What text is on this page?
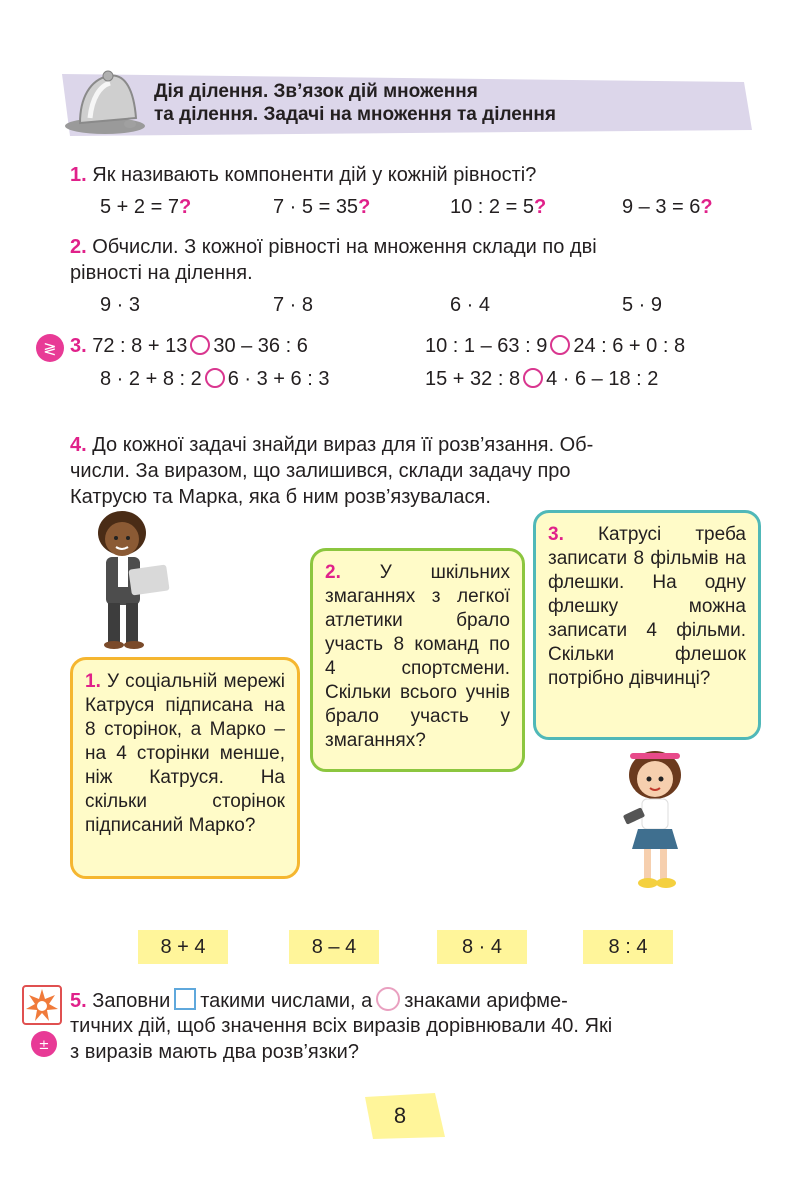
Дія ділення. Зв’язок дій множення
та ділення. Задачі на множення та ділення
1. Як називають компоненти дій у кожній рівності?
5 + 2 = 7?	7 · 5 = 35?	10 : 2 = 5?	9 – 3 = 6?
2. Обчисли. З кожної рівності на множення склади по дві
рівності на ділення.
9 · 3	7 · 8	6 · 4	5 · 9
≷ 3. 72 : 8 + 13 30 – 36 : 6	10 : 1 – 63 : 9 24 : 6 + 0 : 8
8 · 2 + 8 : 2 6 · 3 + 6 : 3	15 + 32 : 8 4 · 6 – 18 : 2
4. До кожної задачі знайди вираз для її розв’язання. Об-
числи. За виразом, що залишився, склади задачу про
Катрусю та Марка, яка б ним розв’язувалася.
1. У соціальній мережі Катруся підписана на 8 сторінок, а Марко – на 4 сторінки менше, ніж Катруся. На скільки сторінок підписаний Марко?
2. У шкільних змаганнях з легкої атлетики брало участь 8 команд по 4 спортсмени. Скільки всього учнів брало участь у змаганнях?
3. Катрусі треба записати 8 фільмів на флешки. На одну флешку можна записати 4 фільми. Скільки флешок потрібно дівчинці?
8 + 4	8 – 4	8 · 4	8 : 4
±
5. Заповни такими числами, а знаками арифме-
тичних дій, щоб значення всіх виразів дорівнювали 40. Які
з виразів мають два розв’язки?
8
